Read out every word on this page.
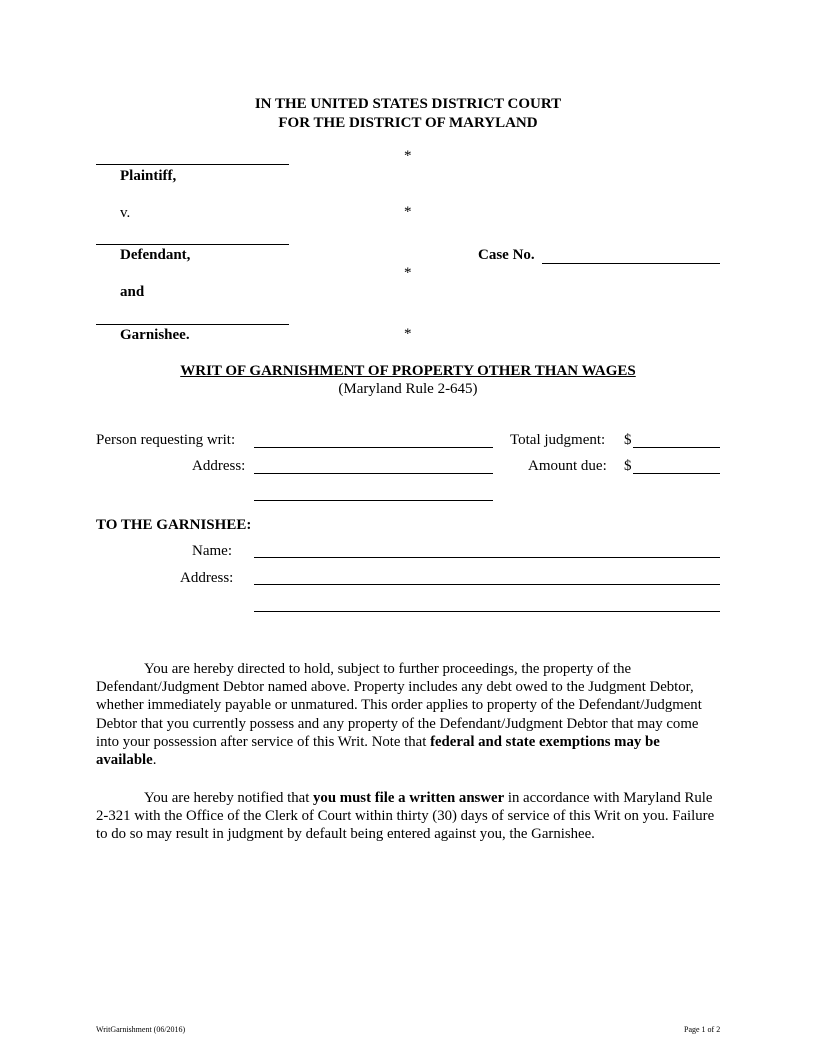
IN THE UNITED STATES DISTRICT COURT
FOR THE DISTRICT OF MARYLAND
Plaintiff,
v.
Defendant,
and
Garnishee.
*
*
*
*
Case No.
WRIT OF GARNISHMENT OF PROPERTY OTHER THAN WAGES
(Maryland Rule 2-645)
Person requesting writ:
Address:
Total judgment: $
Amount due: $
TO THE GARNISHEE:
Name:
Address:
You are hereby directed to hold, subject to further proceedings, the property of the Defendant/Judgment Debtor named above. Property includes any debt owed to the Judgment Debtor, whether immediately payable or unmatured. This order applies to property of the Defendant/Judgment Debtor that you currently possess and any property of the Defendant/Judgment Debtor that may come into your possession after service of this Writ. Note that federal and state exemptions may be available.
You are hereby notified that you must file a written answer in accordance with Maryland Rule 2-321 with the Office of the Clerk of Court within thirty (30) days of service of this Writ on you. Failure to do so may result in judgment by default being entered against you, the Garnishee.
WritGarnishment (06/2016)	Page 1 of 2
